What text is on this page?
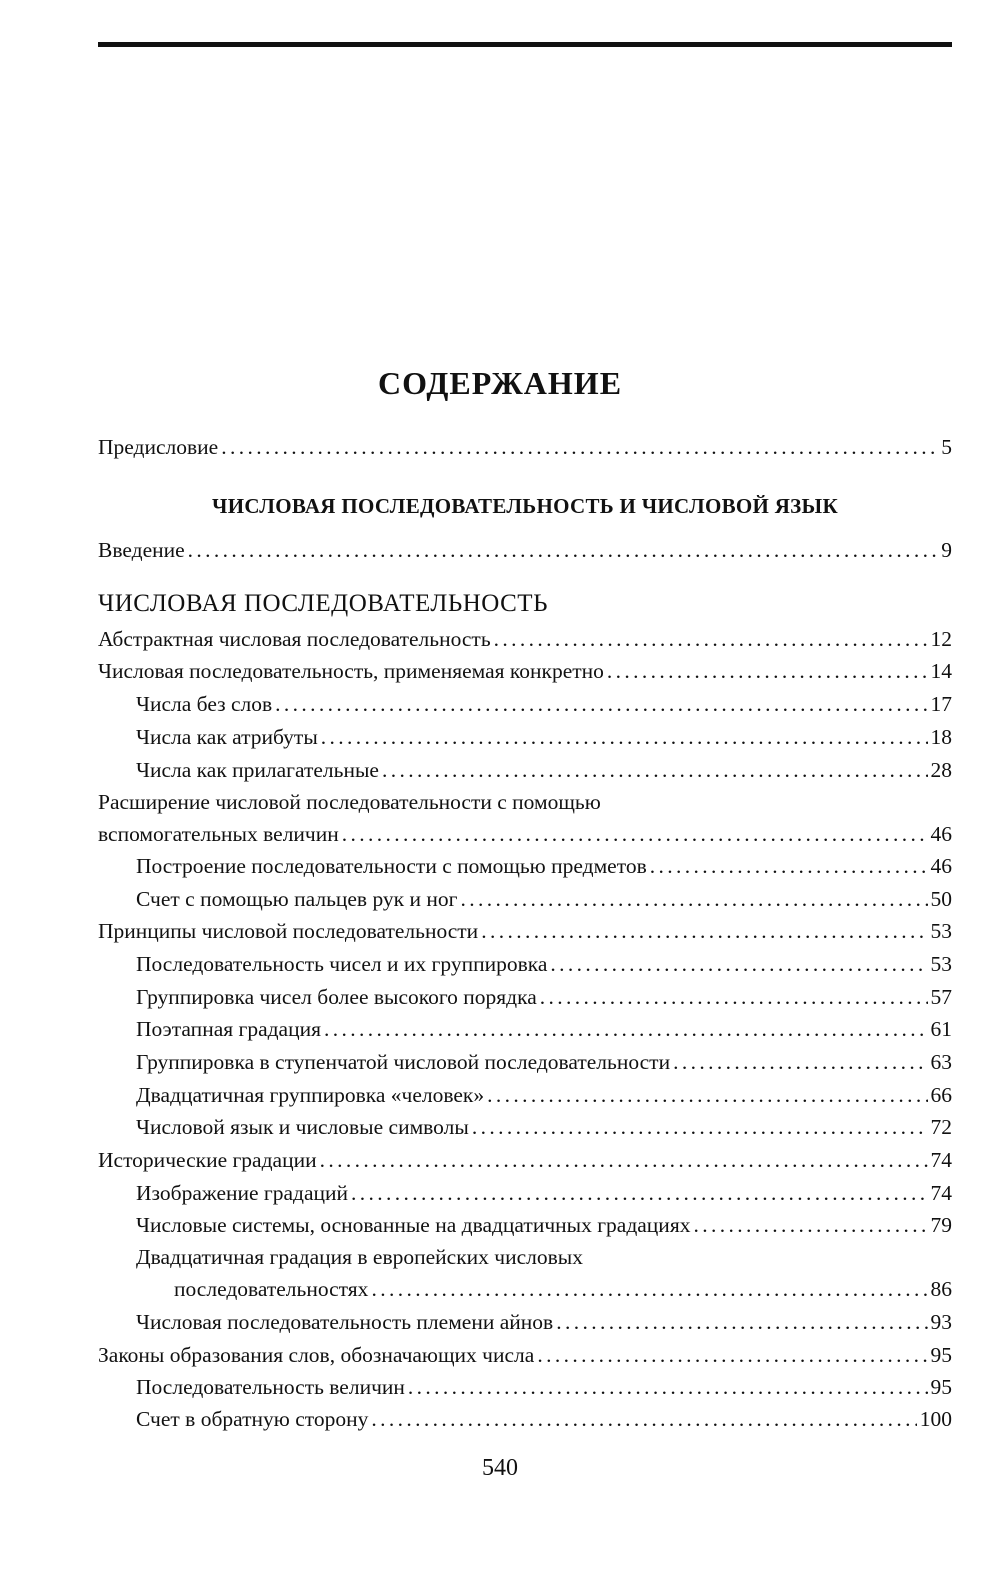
СОДЕРЖАНИЕ
Предисловие . . .	5
ЧИСЛОВАЯ ПОСЛЕДОВАТЕЛЬНОСТЬ И ЧИСЛОВОЙ ЯЗЫК
Введение . . .	9
ЧИСЛОВАЯ ПОСЛЕДОВАТЕЛЬНОСТЬ
Абстрактная числовая последовательность . . .	12
Числовая последовательность, применяемая конкретно . . .	14
Числа без слов . . .	17
Числа как атрибуты . . .	18
Числа как прилагательные . . .	28
Расширение числовой последовательности с помощью
вспомогательных величин . . .	46
Построение последовательности с помощью предметов . . .	46
Счет с помощью пальцев рук и ног . . .	50
Принципы числовой последовательности . . .	53
Последовательность чисел и их группировка . . .	53
Группировка чисел более высокого порядка . . .	57
Поэтапная градация . . .	61
Группировка в ступенчатой числовой последовательности . . .	63
Двадцатичная группировка «человек» . . .	66
Числовой язык и числовые символы . . .	72
Исторические градации . . .	74
Изображение градаций . . .	74
Числовые системы, основанные на двадцатичных градациях . . .	79
Двадцатичная градация в европейских числовых
последовательностях . . .	86
Числовая последовательность племени айнов . . .	93
Законы образования слов, обозначающих числа . . .	95
Последовательность величин . . .	95
Счет в обратную сторону . . .	100
540
